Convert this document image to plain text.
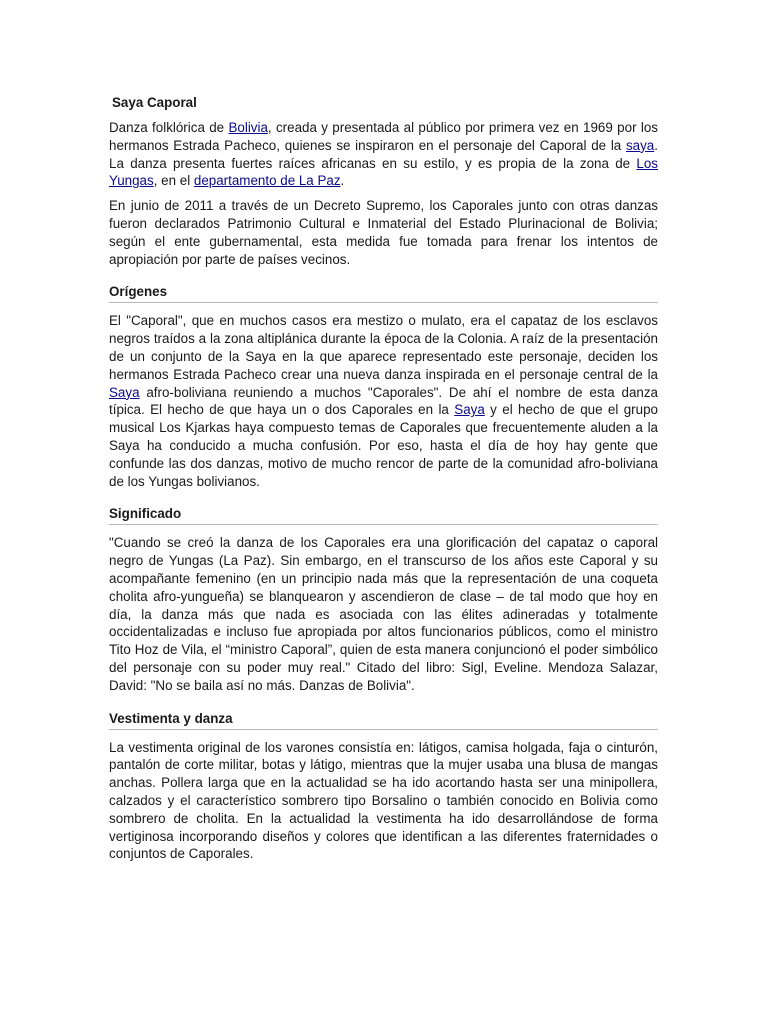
Saya Caporal

Danza folklórica de Bolivia, creada y presentada al público por primera vez en 1969 por los hermanos Estrada Pacheco, quienes se inspiraron en el personaje del Caporal de la saya. La danza presenta fuertes raíces africanas en su estilo, y es propia de la zona de Los Yungas, en el departamento de La Paz.

En junio de 2011 a través de un Decreto Supremo, los Caporales junto con otras danzas fueron declarados Patrimonio Cultural e Inmaterial del Estado Plurinacional de Bolivia; según el ente gubernamental, esta medida fue tomada para frenar los intentos de apropiación por parte de países vecinos.

Orígenes

El "Caporal", que en muchos casos era mestizo o mulato, era el capataz de los esclavos negros traídos a la zona altiplánica durante la época de la Colonia. A raíz de la presentación de un conjunto de la Saya en la que aparece representado este personaje, deciden los hermanos Estrada Pacheco crear una nueva danza inspirada en el personaje central de la Saya afro-boliviana reuniendo a muchos "Caporales". De ahí el nombre de esta danza típica. El hecho de que haya un o dos Caporales en la Saya y el hecho de que el grupo musical Los Kjarkas haya compuesto temas de Caporales que frecuentemente aluden a la Saya ha conducido a mucha confusión. Por eso, hasta el día de hoy hay gente que confunde las dos danzas, motivo de mucho rencor de parte de la comunidad afro-boliviana de los Yungas bolivianos.

Significado

"Cuando se creó la danza de los Caporales era una glorificación del capataz o caporal negro de Yungas (La Paz). Sin embargo, en el transcurso de los años este Caporal y su acompañante femenino (en un principio nada más que la representación de una coqueta cholita afro-yungueña) se blanquearon y ascendieron de clase – de tal modo que hoy en día, la danza más que nada es asociada con las élites adineradas y totalmente occidentalizadas e incluso fue apropiada por altos funcionarios públicos, como el ministro Tito Hoz de Vila, el “ministro Caporal”, quien de esta manera conjuncionó el poder simbólico del personaje con su poder muy real." Citado del libro: Sigl, Eveline. Mendoza Salazar, David: "No se baila así no más. Danzas de Bolivia".

Vestimenta y danza

La vestimenta original de los varones consistía en: látigos, camisa holgada, faja o cinturón, pantalón de corte militar, botas y látigo, mientras que la mujer usaba una blusa de mangas anchas. Pollera larga que en la actualidad se ha ido acortando hasta ser una minipollera, calzados y el característico sombrero tipo Borsalino o también conocido en Bolivia como sombrero de cholita. En la actualidad la vestimenta ha ido desarrollándose de forma vertiginosa incorporando diseños y colores que identifican a las diferentes fraternidades o conjuntos de Caporales.
